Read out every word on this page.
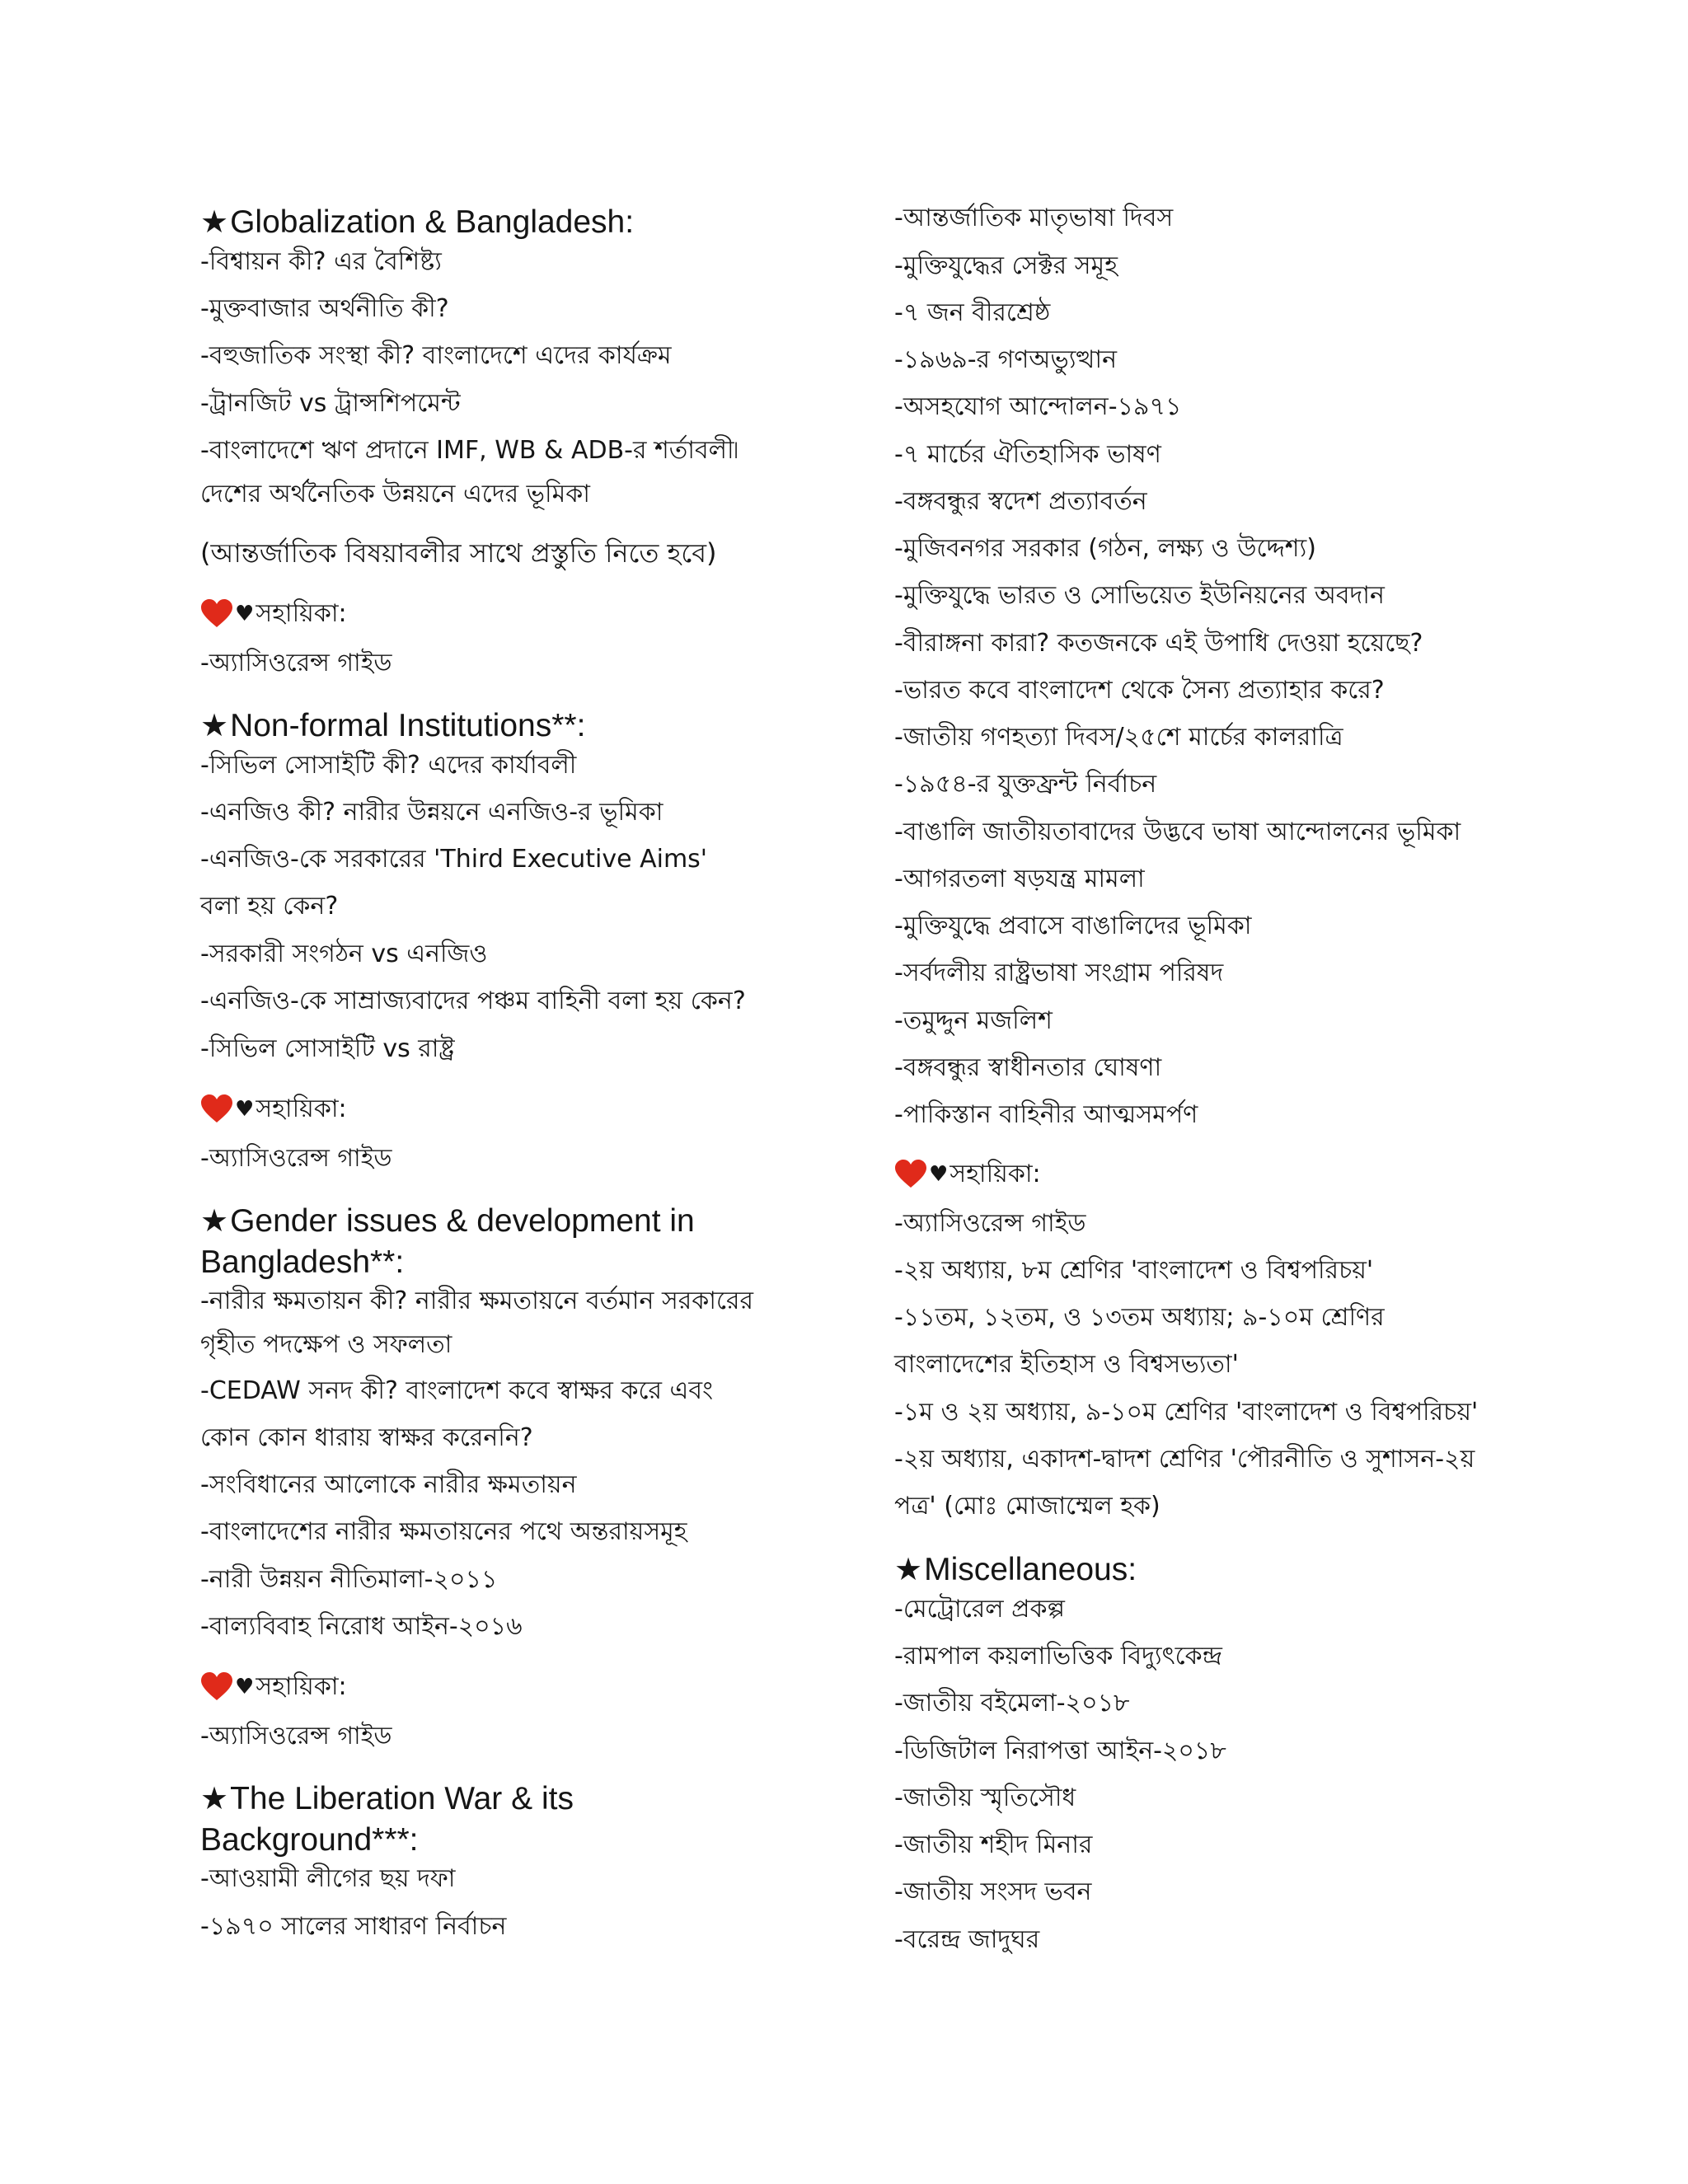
★Globalization & Bangladesh:
-বিশ্বায়ন কী? এর বৈশিষ্ট্য
-মুক্তবাজার অর্থনীতি কী?
-বহুজাতিক সংস্থা কী? বাংলাদেশে এদের কার্যক্রম
-ট্রানজিট vs ট্রান্সশিপমেন্ট
-বাংলাদেশে ঋণ প্রদানে IMF, WB & ADB-র শর্তাবলী৷
দেশের অর্থনৈতিক উন্নয়নে এদের ভূমিকা
(আন্তর্জাতিক বিষয়াবলীর সাথে প্রস্তুতি নিতে হবে)
♥ সহায়িকা:
-অ্যাসিওরেন্স গাইড
★Non-formal Institutions**:
-সিভিল সোসাইটি কী? এদের কার্যাবলী
-এনজিও কী? নারীর উন্নয়নে এনজিও-র ভূমিকা
-এনজিও-কে সরকারের 'Third Executive Aims'
বলা হয় কেন?
-সরকারী সংগঠন vs এনজিও
-এনজিও-কে সাম্রাজ্যবাদের পঞ্চম বাহিনী বলা হয় কেন?
-সিভিল সোসাইটি vs রাষ্ট্র
♥ সহায়িকা:
-অ্যাসিওরেন্স গাইড
★Gender issues & development in
Bangladesh**:
-নারীর ক্ষমতায়ন কী? নারীর ক্ষমতায়নে বর্তমান সরকারের
গৃহীত পদক্ষেপ ও সফলতা
-CEDAW সনদ কী? বাংলাদেশ কবে স্বাক্ষর করে এবং
কোন কোন ধারায় স্বাক্ষর করেননি?
-সংবিধানের আলোকে নারীর ক্ষমতায়ন
-বাংলাদেশের নারীর ক্ষমতায়নের পথে অন্তরায়সমূহ
-নারী উন্নয়ন নীতিমালা-২০১১
-বাল্যবিবাহ নিরোধ আইন-২০১৬
♥ সহায়িকা:
-অ্যাসিওরেন্স গাইড
★The Liberation War & its
Background***:
-আওয়ামী লীগের ছয় দফা
-১৯৭০ সালের সাধারণ নির্বাচন
-আন্তর্জাতিক মাতৃভাষা দিবস
-মুক্তিযুদ্ধের সেক্টর সমূহ
-৭ জন বীরশ্রেষ্ঠ
-১৯৬৯-র গণঅভ্যুত্থান
-অসহযোগ আন্দোলন-১৯৭১
-৭ মার্চের ঐতিহাসিক ভাষণ
-বঙ্গবন্ধুর স্বদেশ প্রত্যাবর্তন
-মুজিবনগর সরকার (গঠন, লক্ষ্য ও উদ্দেশ্য)
-মুক্তিযুদ্ধে ভারত ও সোভিয়েত ইউনিয়নের অবদান
-বীরাঙ্গনা কারা? কতজনকে এই উপাধি দেওয়া হয়েছে?
-ভারত কবে বাংলাদেশ থেকে সৈন্য প্রত্যাহার করে?
-জাতীয় গণহত্যা দিবস/২৫শে মার্চের কালরাত্রি
-১৯৫৪-র যুক্তফ্রন্ট নির্বাচন
-বাঙালি জাতীয়তাবাদের উদ্ভবে ভাষা আন্দোলনের ভূমিকা
-আগরতলা ষড়যন্ত্র মামলা
-মুক্তিযুদ্ধে প্রবাসে বাঙালিদের ভূমিকা
-সর্বদলীয় রাষ্ট্রভাষা সংগ্রাম পরিষদ
-তমুদ্দুন মজলিশ
-বঙ্গবন্ধুর স্বাধীনতার ঘোষণা
-পাকিস্তান বাহিনীর আত্মসমর্পণ
♥ সহায়িকা:
-অ্যাসিওরেন্স গাইড
-২য় অধ্যায়, ৮ম শ্রেণির 'বাংলাদেশ ও বিশ্বপরিচয়'
-১১তম, ১২তম, ও ১৩তম অধ্যায়; ৯-১০ম শ্রেণির
বাংলাদেশের ইতিহাস ও বিশ্বসভ্যতা'
-১ম ও ২য় অধ্যায়, ৯-১০ম শ্রেণির 'বাংলাদেশ ও বিশ্বপরিচয়'
-২য় অধ্যায়, একাদশ-দ্বাদশ শ্রেণির 'পৌরনীতি ও সুশাসন-২য়
পত্র' (মোঃ মোজাম্মেল হক)
★Miscellaneous:
-মেট্রোরেল প্রকল্প
-রামপাল কয়লাভিত্তিক বিদ্যুৎকেন্দ্র
-জাতীয় বইমেলা-২০১৮
-ডিজিটাল নিরাপত্তা আইন-২০১৮
-জাতীয় স্মৃতিসৌধ
-জাতীয় শহীদ মিনার
-জাতীয় সংসদ ভবন
-বরেন্দ্র জাদুঘর
